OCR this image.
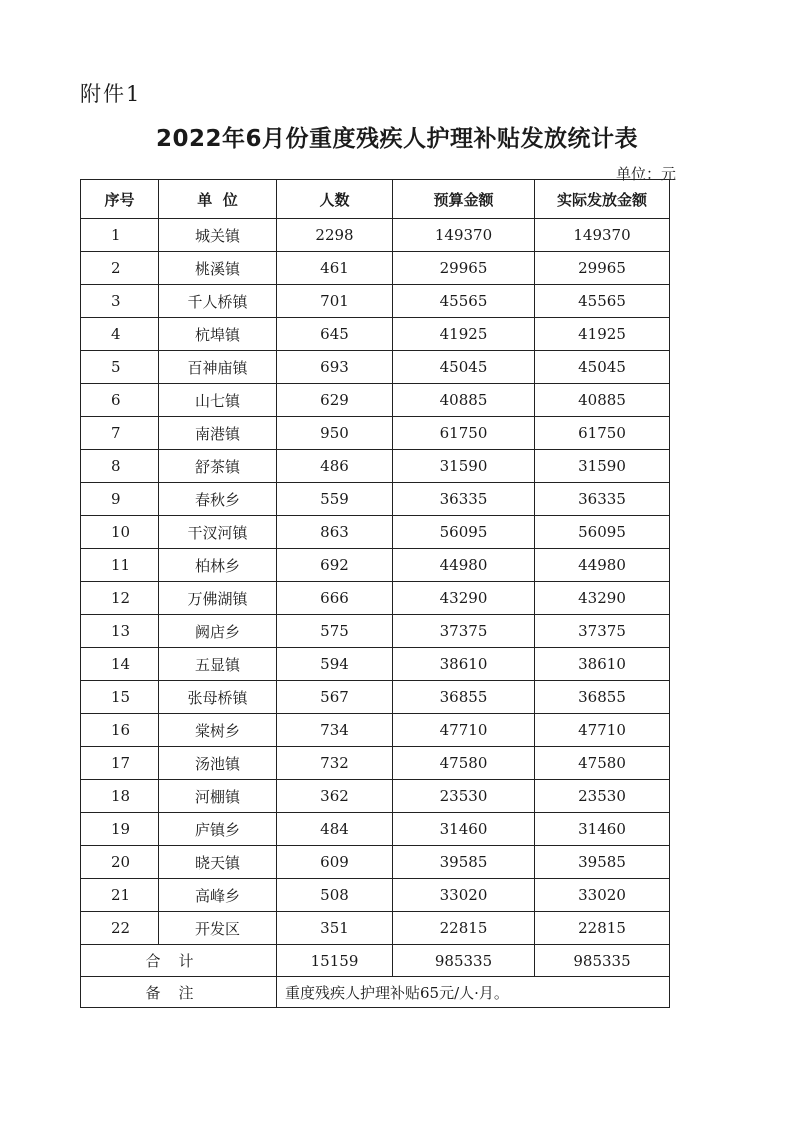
附件1
2022年6月份重度残疾人护理补贴发放统计表
单位：元
序号	单  位	人数	预算金额	实际发放金额
1	城关镇	2298	149370	149370
2	桃溪镇	461	29965	29965
3	千人桥镇	701	45565	45565
4	杭埠镇	645	41925	41925
5	百神庙镇	693	45045	45045
6	山七镇	629	40885	40885
7	南港镇	950	61750	61750
8	舒茶镇	486	31590	31590
9	春秋乡	559	36335	36335
10	干汊河镇	863	56095	56095
11	柏林乡	692	44980	44980
12	万佛湖镇	666	43290	43290
13	阙店乡	575	37375	37375
14	五显镇	594	38610	38610
15	张母桥镇	567	36855	36855
16	棠树乡	734	47710	47710
17	汤池镇	732	47580	47580
18	河棚镇	362	23530	23530
19	庐镇乡	484	31460	31460
20	晓天镇	609	39585	39585
21	高峰乡	508	33020	33020
22	开发区	351	22815	22815
合计		15159	985335	985335
备注		重度残疾人护理补贴65元/人·月。		
